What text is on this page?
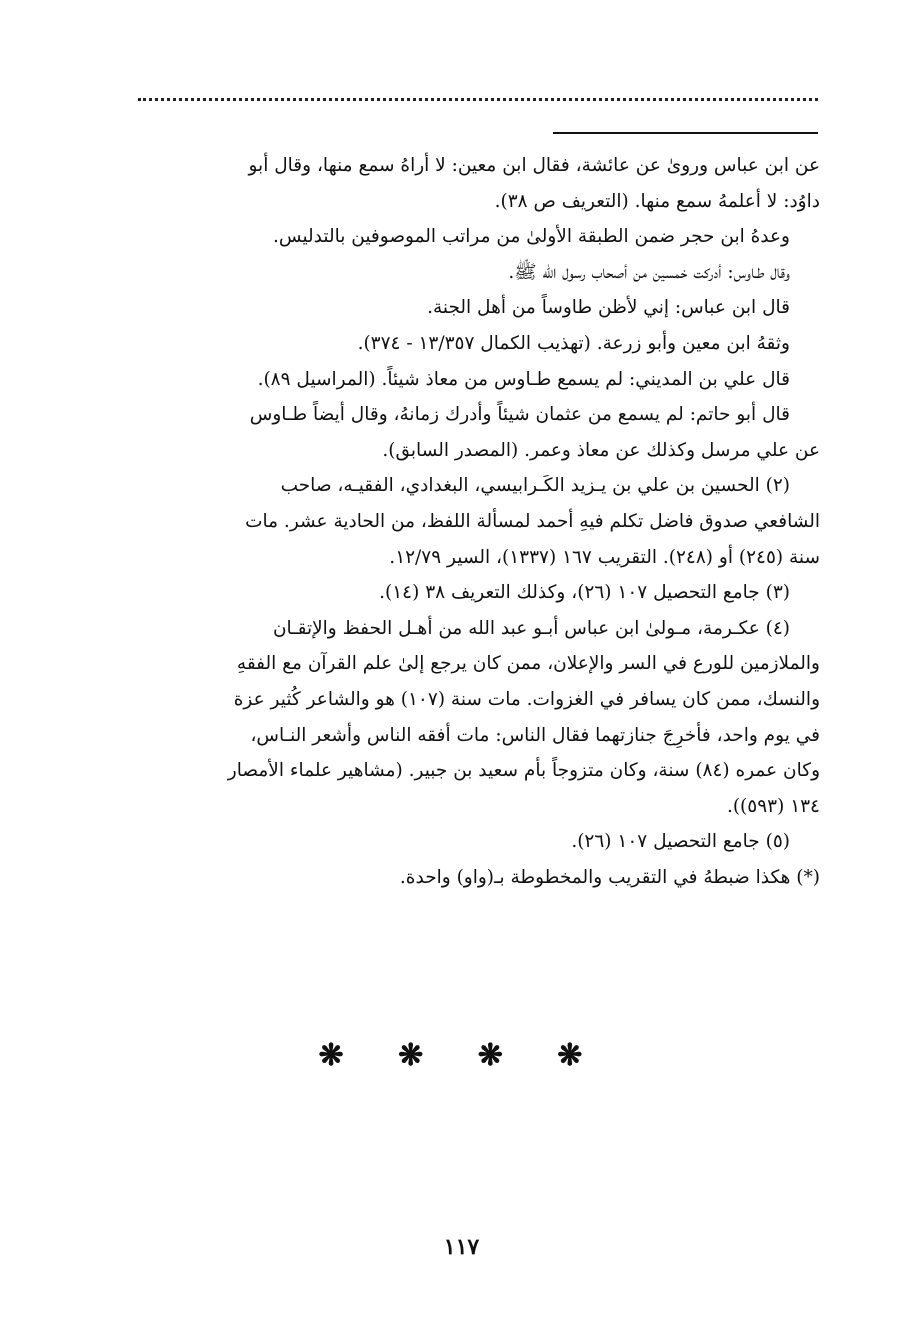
عن ابن عباس وروىٰ عن عائشة، فقال ابن معين: لا أراهُ سمع منها، وقال أبو

داوُد: لا أعلمهُ سمع منها. (التعريف ص ٣٨).

وعدهُ ابن حجر ضمن الطبقة الأولىٰ من مراتب الموصوفين بالتدليس.

وقال طـاوس: أدركت خمسين من أصحاب رسول الله ﷺ.

قال ابن عباس: إني لأظن طاوساً من أهل الجنة.

وثقهُ ابن معين وأبو زرعة. (تهذيب الكمال ١٣/٣٥٧ - ٣٧٤).

قال علي بن المديني: لم يسمع طـاوس من معاذ شيئاً. (المراسيل ٨٩).

قال أبو حاتم: لم يسمع من عثمان شيئاً وأدرك زمانهُ، وقال أيضاً طـاوس

عن علي مرسل وكذلك عن معاذ وعمر. (المصدر السابق).

(٢) الحسين بن علي بن يـزيد الكَـرابيسي، البغدادي، الفقيـه، صاحب

الشافعي صدوق فاضل تكلم فيهِ أحمد لمسألة اللفظ، من الحادية عشر. مات

سنة (٢٤٥) أو (٢٤٨). التقريب ١٦٧ (١٣٣٧)، السير ١٢/٧٩.

(٣) جامع التحصيل ١٠٧ (٢٦)، وكذلك التعريف ٣٨ (١٤).

(٤) عكـرمة، مـولىٰ ابن عباس أبـو عبد الله من أهـل الحفظ والإتقـان

والملازمين للورع في السر والإعلان، ممن كان يرجع إلىٰ علم القرآن مع الفقهِ

والنسك، ممن كان يسافر في الغزوات. مات سنة (١٠٧) هو والشاعر كُثير عزة

في يوم واحد، فأخرِجَ جنازتهما فقال الناس: مات أفقه الناس وأشعر النـاس،

وكان عمره (٨٤) سنة، وكان متزوجاً بأم سعيد بن جبير. (مشاهير علماء الأمصار

١٣٤ (٥٩٣)).

(٥) جامع التحصيل ١٠٧ (٢٦).

(*) هكذا ضبطهُ في التقريب والمخطوطة بـ(واو) واحدة.

❋ ❋ ❋ ❋
١١٧
